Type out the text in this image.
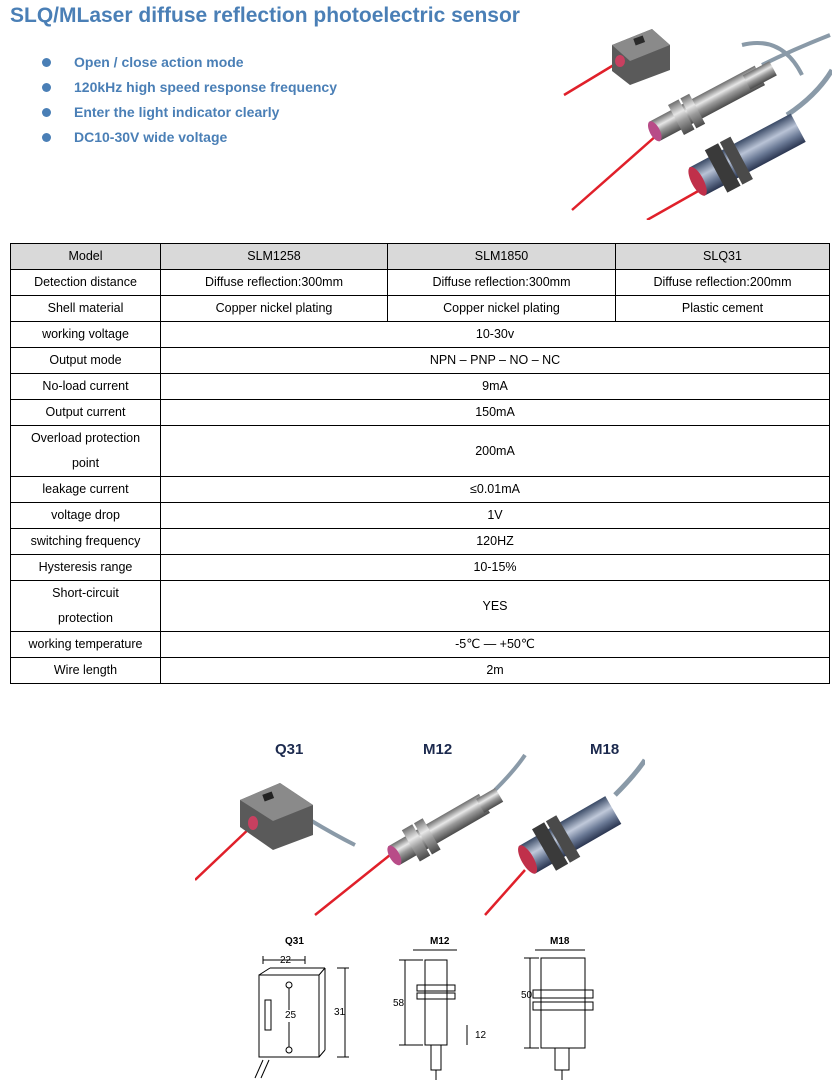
SLQ/MLaser diffuse reflection photoelectric sensor
Open / close action mode
120kHz high speed response frequency
Enter the light indicator clearly
DC10-30V wide voltage
Model	SLM1258	SLM1850	SLQ31
Detection distance	Diffuse reflection:300mm	Diffuse reflection:300mm	Diffuse reflection:200mm
Shell material	Copper nickel plating	Copper nickel plating	Plastic cement
working voltage	10-30v		
Output mode	NPN – PNP – NO – NC		
No-load current	9mA		
Output current	150mA		

Overload protection
point	200mA		
leakage current	≤0.01mA		
voltage drop	1V		
switching frequency	120HZ		
Hysteresis range	10-15%		

Short-circuit
protection	YES		
working temperature	-5℃ — +50℃		
Wire length	2m		
Q31	M12	M18
Q31
22
25	31
M12
58
12
M18
50
